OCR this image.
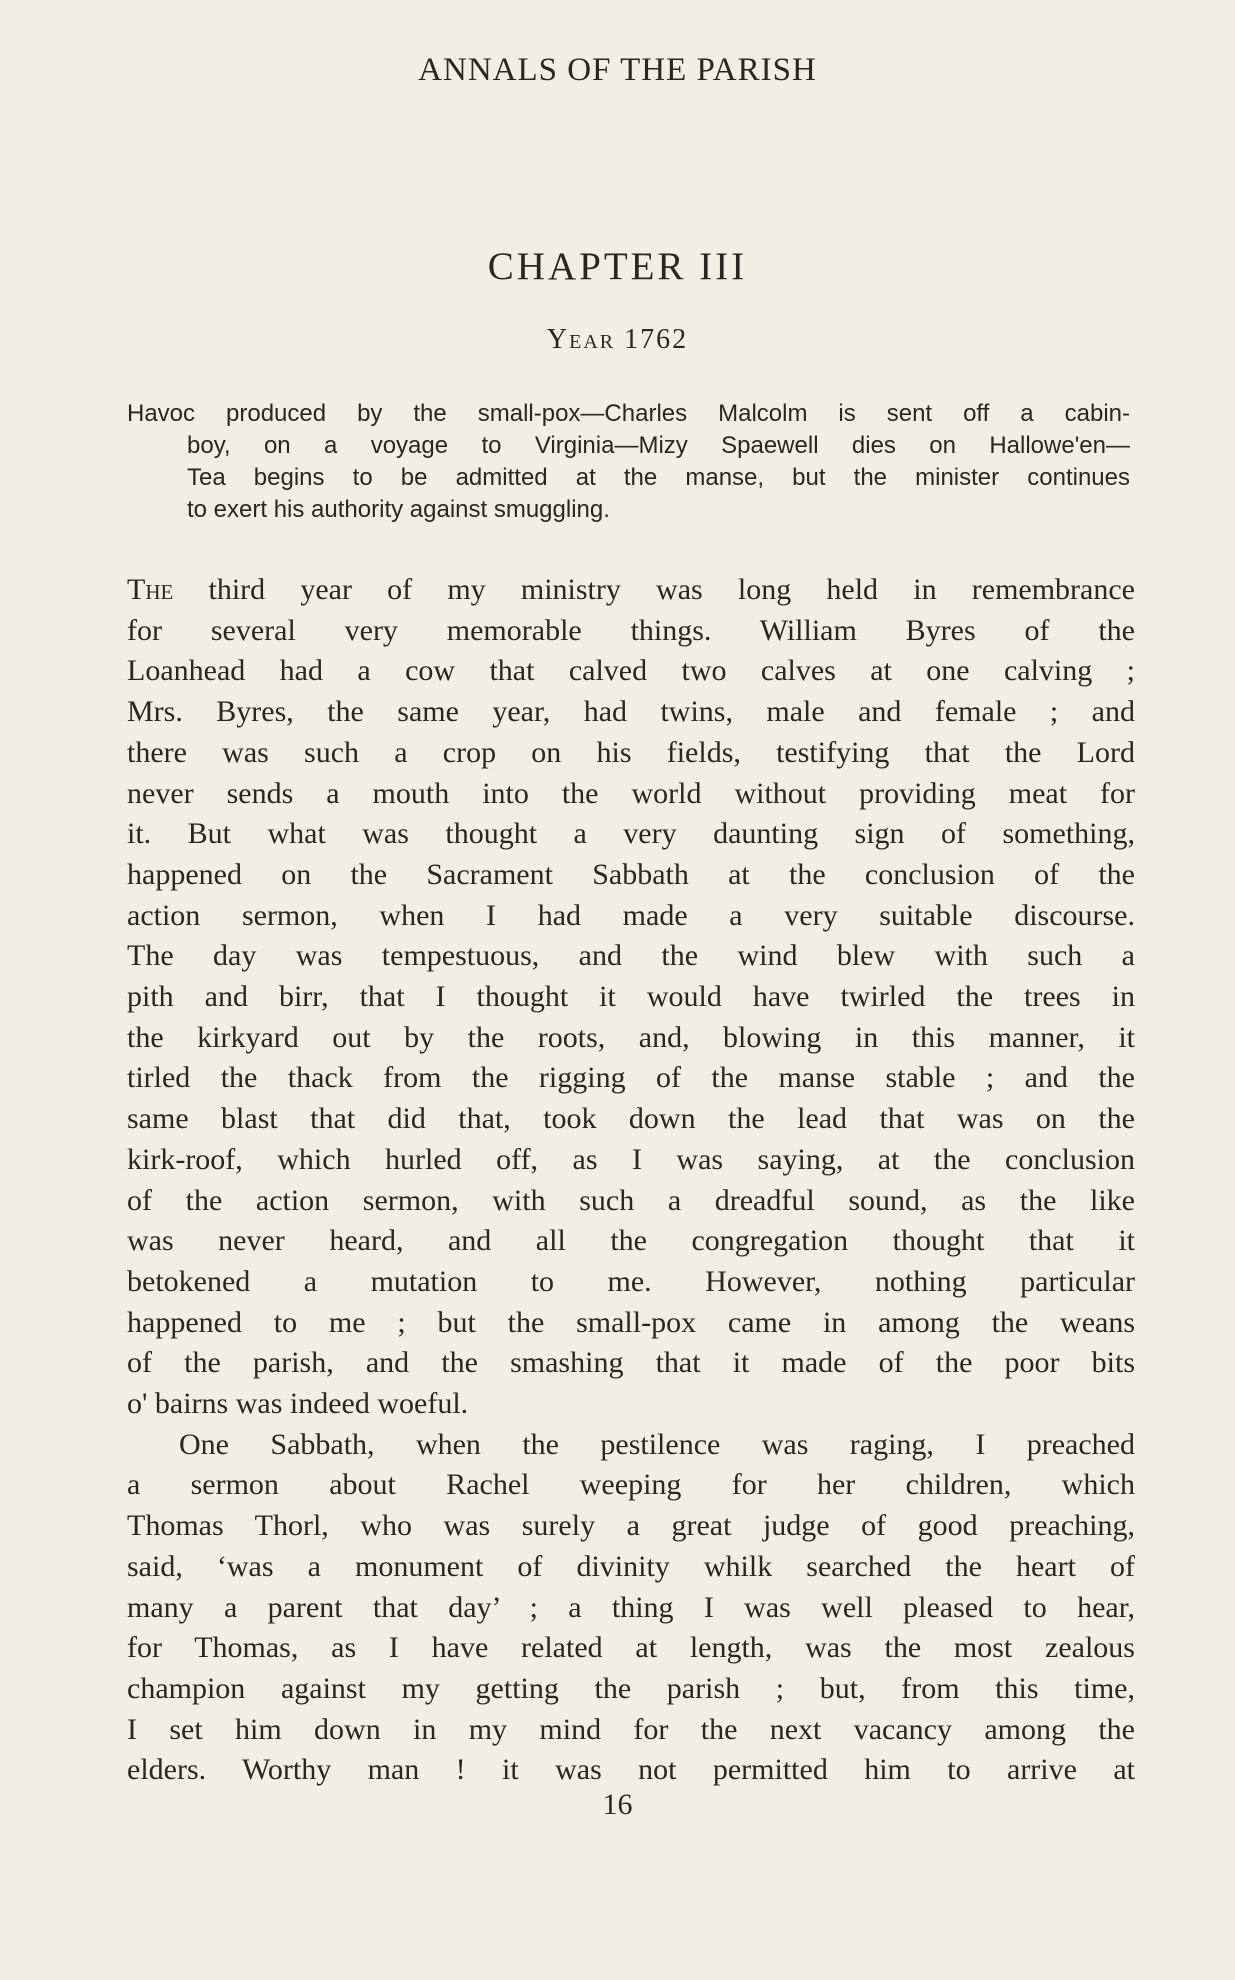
ANNALS OF THE PARISH
CHAPTER III

Year 1762

Havoc produced by the small-pox—Charles Malcolm is sent off a cabin-
boy, on a voyage to Virginia—Mizy Spaewell dies on Hallowe'en—
Tea begins to be admitted at the manse, but the minister continues
to exert his authority against smuggling.
The third year of my ministry was long held in remembrance
for several very memorable things. William Byres of the
Loanhead had a cow that calved two calves at one calving ;
Mrs. Byres, the same year, had twins, male and female ; and
there was such a crop on his fields, testifying that the Lord
never sends a mouth into the world without providing meat for
it. But what was thought a very daunting sign of something,
happened on the Sacrament Sabbath at the conclusion of the
action sermon, when I had made a very suitable discourse.
The day was tempestuous, and the wind blew with such a
pith and birr, that I thought it would have twirled the trees in
the kirkyard out by the roots, and, blowing in this manner, it
tirled the thack from the rigging of the manse stable ; and the
same blast that did that, took down the lead that was on the
kirk-roof, which hurled off, as I was saying, at the conclusion
of the action sermon, with such a dreadful sound, as the like
was never heard, and all the congregation thought that it
betokened a mutation to me. However, nothing particular
happened to me ; but the small-pox came in among the weans
of the parish, and the smashing that it made of the poor bits
o' bairns was indeed woeful.
One Sabbath, when the pestilence was raging, I preached
a sermon about Rachel weeping for her children, which
Thomas Thorl, who was surely a great judge of good preaching,
said, ‘was a monument of divinity whilk searched the heart of
many a parent that day’ ; a thing I was well pleased to hear,
for Thomas, as I have related at length, was the most zealous
champion against my getting the parish ; but, from this time,
I set him down in my mind for the next vacancy among the
elders. Worthy man ! it was not permitted him to arrive at

16
